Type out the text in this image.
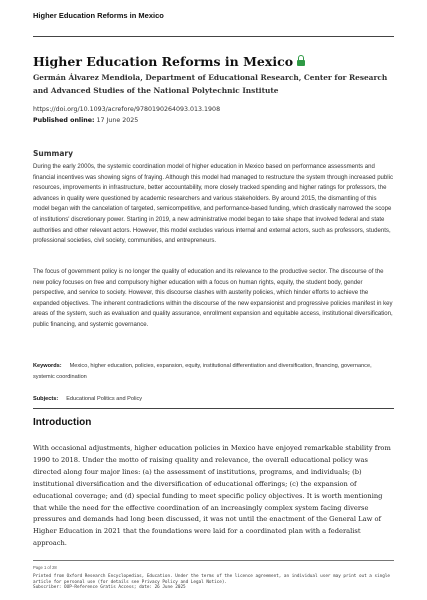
Higher Education Reforms in Mexico
Higher Education Reforms in Mexico
Germán Álvarez Mendiola, Department of Educational Research, Center for Research and Advanced Studies of the National Polytechnic Institute
https://doi.org/10.1093/acrefore/9780190264093.013.1908
Published online: 17 June 2025
Summary
During the early 2000s, the systemic coordination model of higher education in Mexico based on performance assessments and financial incentives was showing signs of fraying. Although this model had managed to restructure the system through increased public resources, improvements in infrastructure, better accountability, more closely tracked spending and higher ratings for professors, the advances in quality were questioned by academic researchers and various stakeholders. By around 2015, the dismantling of this model began with the cancelation of targeted, semicompetitive, and performance-based funding, which drastically narrowed the scope of institutions' discretionary power. Starting in 2019, a new administrative model began to take shape that involved federal and state authorities and other relevant actors. However, this model excludes various internal and external actors, such as professors, students, professional societies, civil society, communities, and entrepreneurs.
The focus of government policy is no longer the quality of education and its relevance to the productive sector. The discourse of the new policy focuses on free and compulsory higher education with a focus on human rights, equity, the student body, gender perspective, and service to society. However, this discourse clashes with austerity policies, which hinder efforts to achieve the expanded objectives. The inherent contradictions within the discourse of the new expansionist and progressive policies manifest in key areas of the system, such as evaluation and quality assurance, enrollment expansion and equitable access, institutional diversification, public financing, and systemic governance.
Keywords: Mexico, higher education, policies, expansion, equity, institutional differentiation and diversification, financing, governance, systemic coordination
Subjects: Educational Politics and Policy
Introduction
With occasional adjustments, higher education policies in Mexico have enjoyed remarkable stability from 1990 to 2018. Under the motto of raising quality and relevance, the overall educational policy was directed along four major lines: (a) the assessment of institutions, programs, and individuals; (b) institutional diversification and the diversification of educational offerings; (c) the expansion of educational coverage; and (d) special funding to meet specific policy objectives. It is worth mentioning that while the need for the effective coordination of an increasingly complex system facing diverse pressures and demands had long been discussed, it was not until the enactment of the General Law of Higher Education in 2021 that the foundations were laid for a coordinated plan with a federalist approach.
Page 1 of 28
Printed from Oxford Research Encyclopedias, Education. Under the terms of the licence agreement, an individual user may print out a single article for personal use (for details see Privacy Policy and Legal Notice).
Subscriber: OUP-Reference Gratis Access; date: 26 June 2025
